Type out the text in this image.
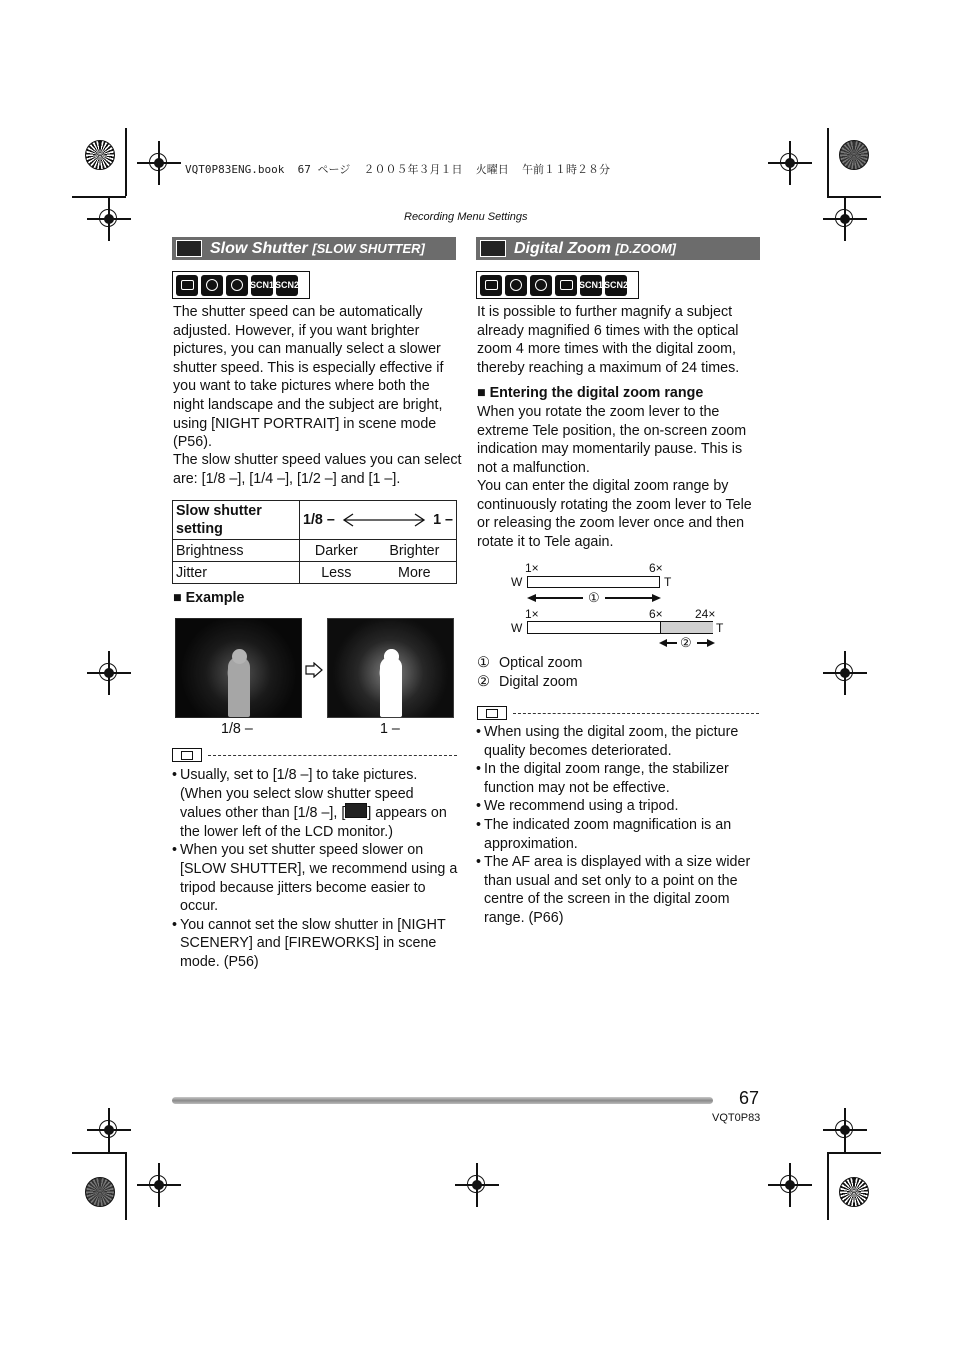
VQT0P83ENG.book  67 ページ  ２００５年３月１日  火曜日  午前１１時２８分
Recording Menu Settings
Slow Shutter [SLOW SHUTTER]
SCN1 SCN2
The shutter speed can be automatically adjusted. However, if you want brighter pictures, you can manually select a slower shutter speed. This is especially effective if you want to take pictures where both the night landscape and the subject are bright, using [NIGHT PORTRAIT] in scene mode (P56).
The slow shutter speed values you can select are: [1/8 –], [1/4 –], [1/2 –] and [1 –].
Slow shutter setting	1/8 – 1 –	

Brightness	Darker	Brighter
Jitter	Less	More
■ Example
1/8 –	1 –
• Usually, set to [1/8 –] to take pictures. (When you select slow shutter speed values other than [1/8 –], [ ] appears on the lower left of the LCD monitor.)
• When you set shutter speed slower on [SLOW SHUTTER], we recommend using a tripod because jitters become easier to occur.
• You cannot set the slow shutter in [NIGHT SCENERY] and [FIREWORKS] in scene mode. (P56)
Digital Zoom [D.ZOOM]
SCN1 SCN2
It is possible to further magnify a subject already magnified 6 times with the optical zoom 4 more times with the digital zoom, thereby reaching a maximum of 24 times.
■ Entering the digital zoom range
When you rotate the zoom lever to the extreme Tele position, the on-screen zoom indication may momentarily pause. This is not a malfunction.
You can enter the digital zoom range by continuously rotating the zoom lever to Tele or releasing the zoom lever once and then rotate it to Tele again.
1×	6×
W	T
①
1×	6×	24×
W	T
②
① Optical zoom
② Digital zoom
• When using the digital zoom, the picture quality becomes deteriorated.
• In the digital zoom range, the stabilizer function may not be effective.
• We recommend using a tripod.
• The indicated zoom magnification is an approximation.
• The AF area is displayed with a size wider than usual and set only to a point on the centre of the screen in the digital zoom range. (P66)
67
VQT0P83
